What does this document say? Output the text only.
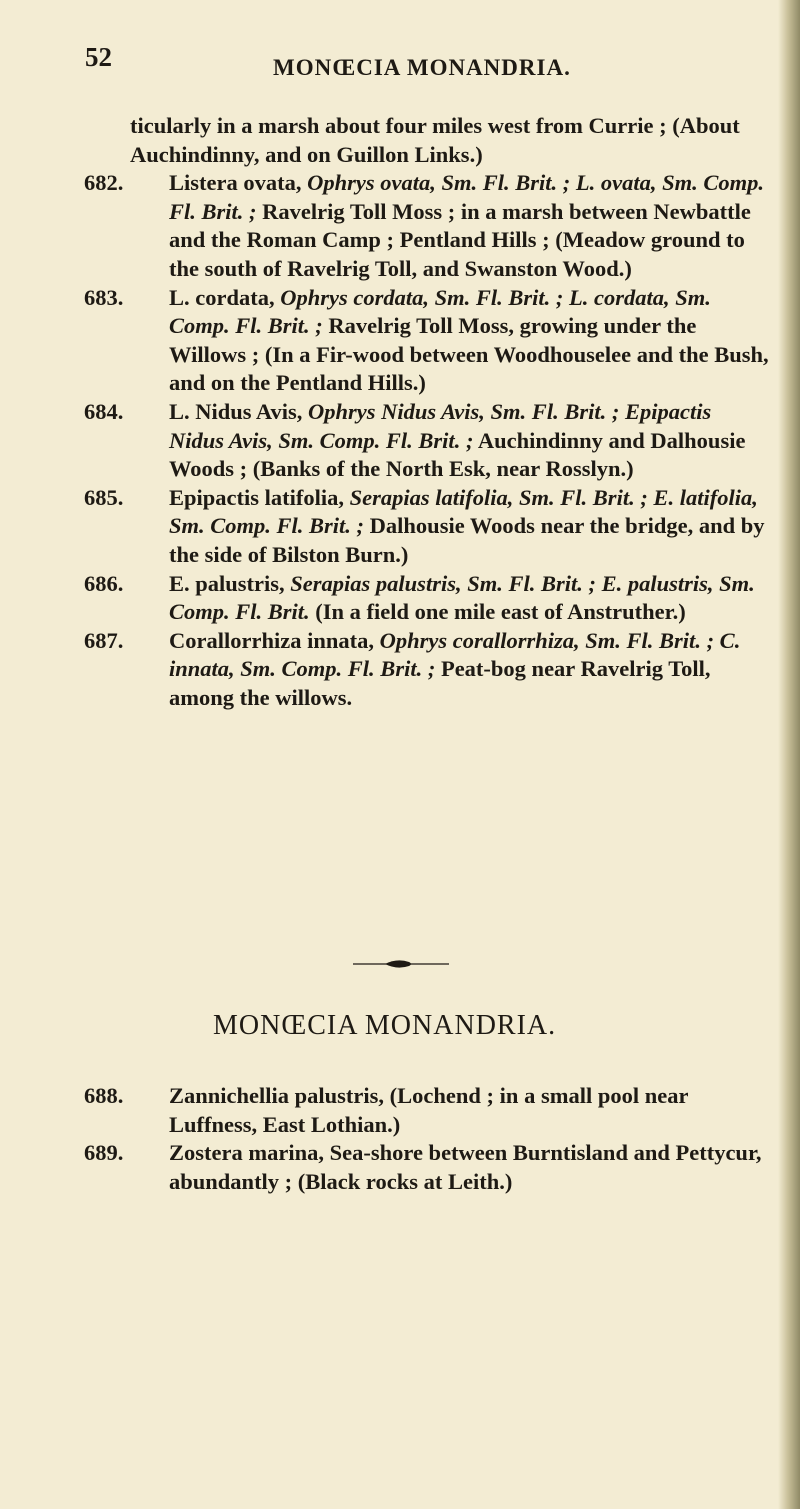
52	MONŒCIA MONANDRIA.

ticularly in a marsh about four miles west from Currie ; (About Auchindinny, and on Guillon Links.)

682. Listera ovata, Ophrys ovata, Sm. Fl. Brit. ; L. ovata, Sm. Comp. Fl. Brit. ; Ravelrig Toll Moss ; in a marsh between Newbattle and the Roman Camp ; Pentland Hills ; (Meadow ground to the south of Ravelrig Toll, and Swanston Wood.)

683. L. cordata, Ophrys cordata, Sm. Fl. Brit. ; L. cordata, Sm. Comp. Fl. Brit. ; Ravelrig Toll Moss, growing under the Willows ; (In a Fir-wood between Woodhouselee and the Bush, and on the Pentland Hills.)

684. L. Nidus Avis, Ophrys Nidus Avis, Sm. Fl. Brit. ; Epipactis Nidus Avis, Sm. Comp. Fl. Brit. ; Auchindinny and Dalhousie Woods ; (Banks of the North Esk, near Rosslyn.)

685. Epipactis latifolia, Serapias latifolia, Sm. Fl. Brit. ; E. latifolia, Sm. Comp. Fl. Brit. ; Dalhousie Woods near the bridge, and by the side of Bilston Burn.)

686. E. palustris, Serapias palustris, Sm. Fl. Brit. ; E. palustris, Sm. Comp. Fl. Brit. (In a field one mile east of Anstruther.)

687. Corallorrhiza innata, Ophrys corallorrhiza, Sm. Fl. Brit. ; C. innata, Sm. Comp. Fl. Brit. ; Peat-bog near Ravelrig Toll, among the willows.

MONŒCIA MONANDRIA.

688. Zannichellia palustris, (Lochend ; in a small pool near Luffness, East Lothian.)

689. Zostera marina, Sea-shore between Burntisland and Pettycur, abundantly ; (Black rocks at Leith.)
